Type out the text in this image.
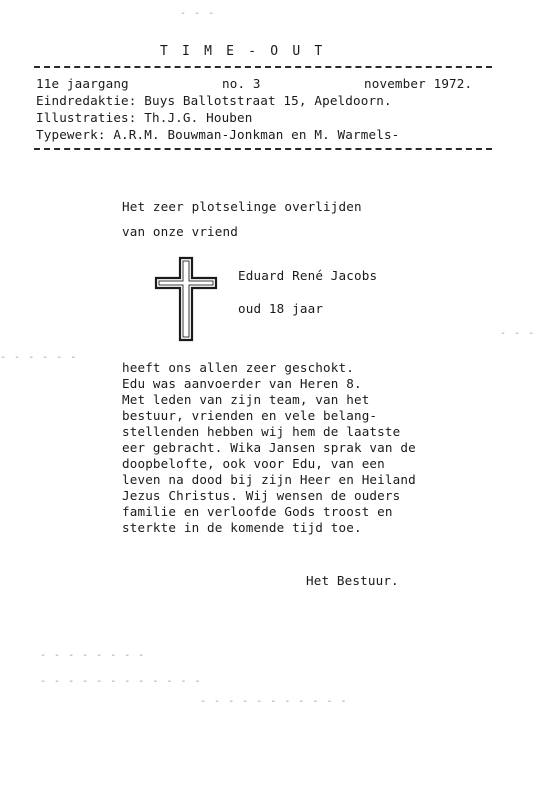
- - -
- - -
- - - - - -
- - - - - - - -
- - - - - - - - - - - -
- - - - - - - - - - -
T I M E - O U T
11e jaargang	no. 3	november 1972.
Eindredaktie: Buys Ballotstraat 15, Apeldoorn.
Illustraties: Th.J.G. Houben
Typewerk: A.R.M. Bouwman-Jonkman en M. Warmels-
Het zeer plotselinge overlijden
van onze vriend
Eduard René Jacobs
oud 18 jaar
heeft ons allen zeer geschokt.
Edu was aanvoerder van Heren 8.
Met leden van zijn team, van het
bestuur, vrienden en vele belang-
stellenden hebben wij hem de laatste
eer gebracht. Wika Jansen sprak van de
doopbelofte, ook voor Edu, van een
leven na dood bij zijn Heer en Heiland
Jezus Christus. Wij wensen de ouders
familie en verloofde Gods troost en
sterkte in de komende tijd toe.
Het Bestuur.
